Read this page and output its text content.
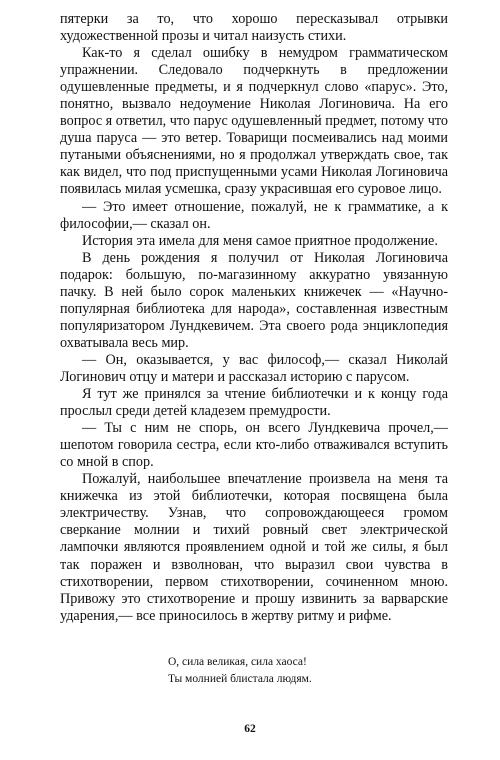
пятерки за то, что хорошо пересказывал отрывки художественной прозы и читал наизусть стихи.

Как-то я сделал ошибку в немудром грамматическом упражнении. Следовало подчеркнуть в предложении одушевленные предметы, и я подчеркнул слово «парус». Это, понятно, вызвало недоумение Николая Логиновича. На его вопрос я ответил, что парус одушевленный предмет, потому что душа паруса — это ветер. Товарищи посмеивались над моими путаными объяснениями, но я продолжал утверждать свое, так как видел, что под приспущенными усами Николая Логиновича появилась милая усмешка, сразу украсившая его суровое лицо.

— Это имеет отношение, пожалуй, не к грамматике, а к философии,— сказал он.

История эта имела для меня самое приятное продолжение.

В день рождения я получил от Николая Логиновича подарок: большую, по-магазинному аккуратно увязанную пачку. В ней было сорок маленьких книжечек — «Научно-популярная библиотека для народа», составленная известным популяризатором Лундкевичем. Эта своего рода энциклопедия охватывала весь мир.

— Он, оказывается, у вас философ,— сказал Николай Логинович отцу и матери и рассказал историю с парусом.

Я тут же принялся за чтение библиотечки и к концу года прослыл среди детей кладезем премудрости.

— Ты с ним не спорь, он всего Лундкевича прочел,— шепотом говорила сестра, если кто-либо отваживался вступить со мной в спор.

Пожалуй, наибольшее впечатление произвела на меня та книжечка из этой библиотечки, которая посвящена была электричеству. Узнав, что сопровождающееся громом сверкание молнии и тихий ровный свет электрической лампочки являются проявлением одной и той же силы, я был так поражен и взволнован, что выразил свои чувства в стихотворении, первом стихотворении, сочиненном мною. Привожу это стихотворение и прошу извинить за варварские ударения,— все приносилось в жертву ритму и рифме.

О, сила великая, сила хаоса!
Ты молнией блистала людям.
62
